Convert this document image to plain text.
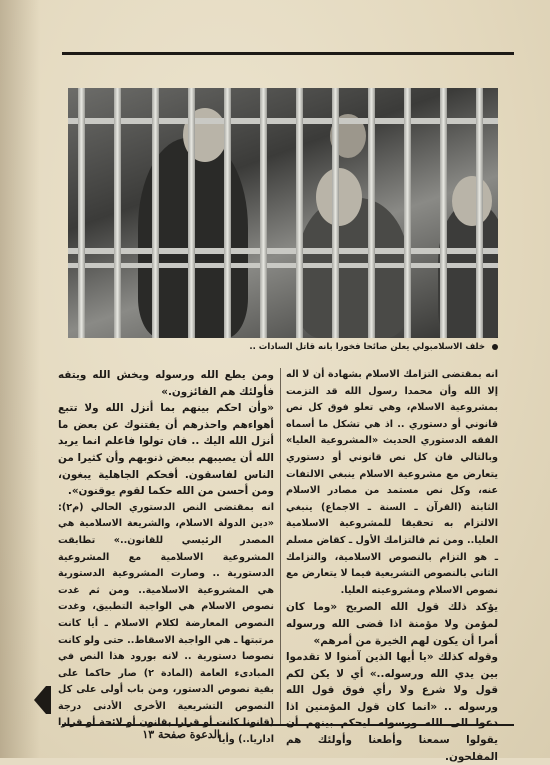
خلف الاسلامبولي يعلن صائحا فخورا بانه قاتل السادات ..

انه بمقتضى التزامك الاسلام بشهادة أن لا اله إلا الله وأن محمدا رسول الله قد التزمت بمشروعية الاسلام، وهي تعلو فوق كل نص قانوني أو دستوري .. اذ هي تشكل ما أسماه الفقه الدستوري الحديث «المشروعية العليا» وبالتالي فان كل نص قانوني أو دستوري يتعارض مع مشروعية الاسلام ينبغي الالتفات عنه، وكل نص مستمد من مصادر الاسلام الثابتة (القرآن ـ السنة ـ الاجماع) ينبغي الالتزام به تحقيقا للمشروعية الاسلامية العليا.. ومن ثم فالتزامك الأول ـ كقاض مسلم ـ هو التزام بالنصوص الاسلامية، والتزامك الثاني بالنصوص التشريعية فيما لا يتعارض مع نصوص الاسلام ومشروعيته العليا.

يؤكد ذلك قول الله الصريح «وما كان لمؤمن ولا مؤمنة اذا قضى الله ورسوله أمرا أن يكون لهم الخيرة من أمرهم»

وقوله كذلك «يا أيها الذين آمنوا لا تقدموا بين يدي الله ورسوله..» أي لا يكن لكم قول ولا شرع ولا رأي فوق قول الله ورسوله .. «انما كان قول المؤمنين اذا دعوا الى الله ورسوله ليحكم بينهم أن يقولوا سمعنا وأطعنا وأولئك هم المفلحون.

ومن يطع الله ورسوله ويخش الله ويتقه فأولئك هم الفائزون.»

«وأن احكم بينهم بما أنزل الله ولا تتبع أهواءهم واحذرهم أن يفتنوك عن بعض ما أنزل الله اليك .. فان تولوا فاعلم انما يريد الله أن يصيبهم ببعض ذنوبهم وأن كثيرا من الناس لفاسقون. أفحكم الجاهلية يبغون، ومن أحسن من الله حكما لقوم يوقنون».

انه بمقتضى النص الدستوري الحالي (م٢): «دين الدولة الاسلام، والشريعة الاسلامية هي المصدر الرئيسي للقانون..» تطابقت المشروعية الاسلامية مع المشروعية الدستورية .. وصارت المشروعية الدستورية هي المشروعية الاسلامية.. ومن ثم غدت نصوص الاسلام هي الواجبة التطبيق، وغدت النصوص المعارضة لكلام الاسلام ـ أيا كانت مرتبتها ـ هي الواجبة الاسقاط.. حتى ولو كانت نصوصا دستورية .. لانه بورود هذا النص في المبادىء العامة (المادة ٢) صار حاكما على بقية نصوص الدستور، ومن باب أولى على كل النصوص التشريعية الأخرى الأدنى درجة (قانونا كانت أو قرارا بقانون أو لائحة أو قرارا اداريا..) وأيا

الدعوة صفحة ١٣
